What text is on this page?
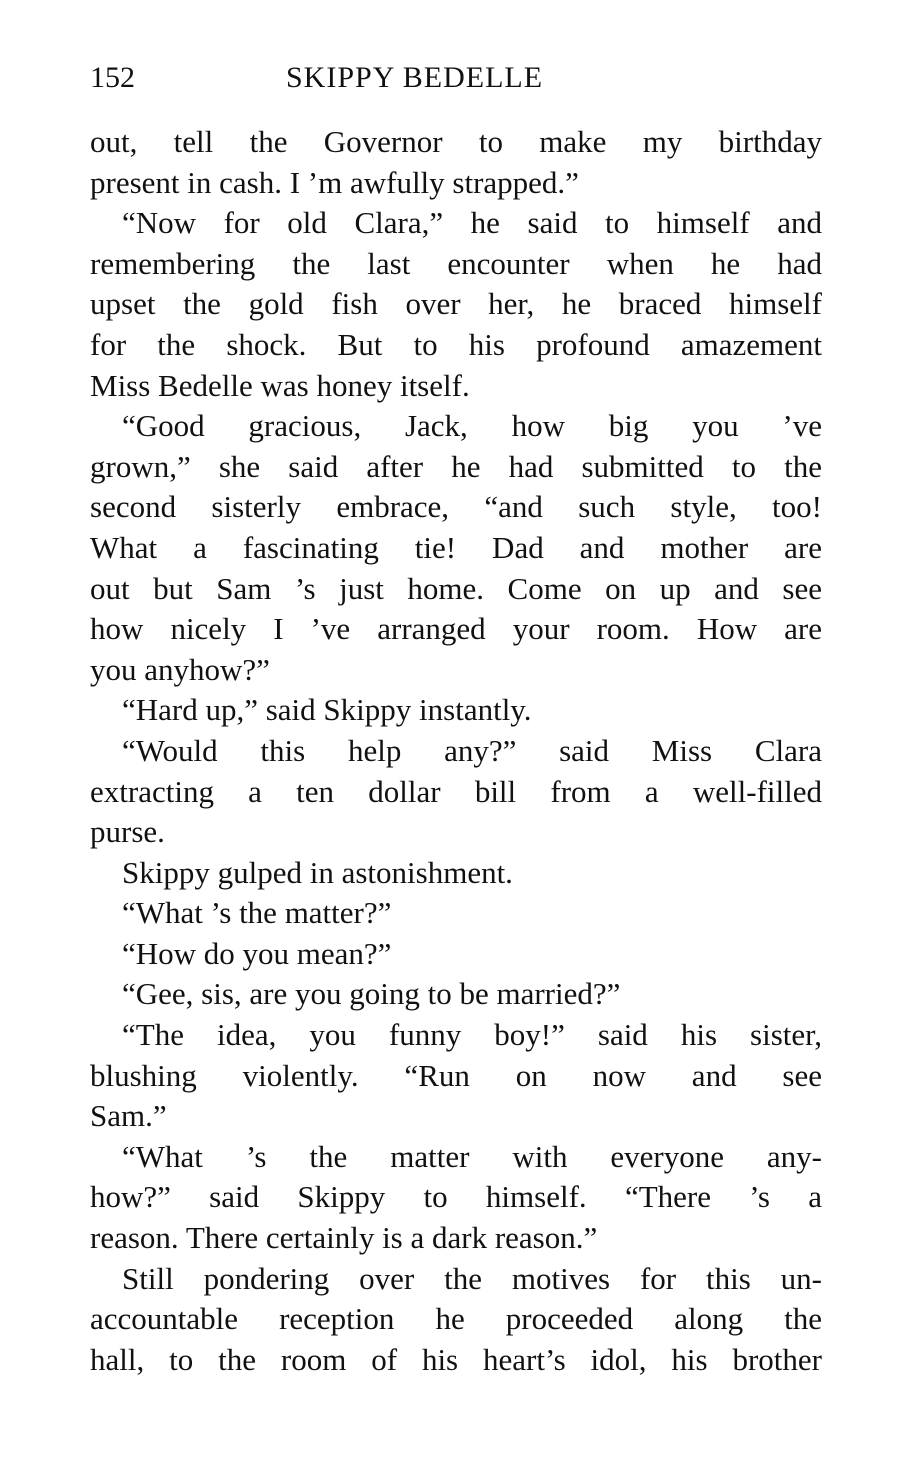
152	SKIPPY BEDELLE
out, tell the Governor to make my birthday
present in cash. I ’m awfully strapped.”
“Now for old Clara,” he said to himself and
remembering the last encounter when he had
upset the gold fish over her, he braced himself
for the shock. But to his profound amazement
Miss Bedelle was honey itself.
“Good gracious, Jack, how big you ’ve
grown,” she said after he had submitted to the
second sisterly embrace, “and such style, too!
What a fascinating tie! Dad and mother are
out but Sam ’s just home. Come on up and see
how nicely I ’ve arranged your room. How are
you anyhow?”
“Hard up,” said Skippy instantly.
“Would this help any?” said Miss Clara
extracting a ten dollar bill from a well-filled
purse.
Skippy gulped in astonishment.
“What ’s the matter?”
“How do you mean?”
“Gee, sis, are you going to be married?”
“The idea, you funny boy!” said his sister,
blushing violently. “Run on now and see
Sam.”
“What ’s the matter with everyone any-
how?” said Skippy to himself. “There ’s a
reason. There certainly is a dark reason.”
Still pondering over the motives for this un-
accountable reception he proceeded along the
hall, to the room of his heart’s idol, his brother
